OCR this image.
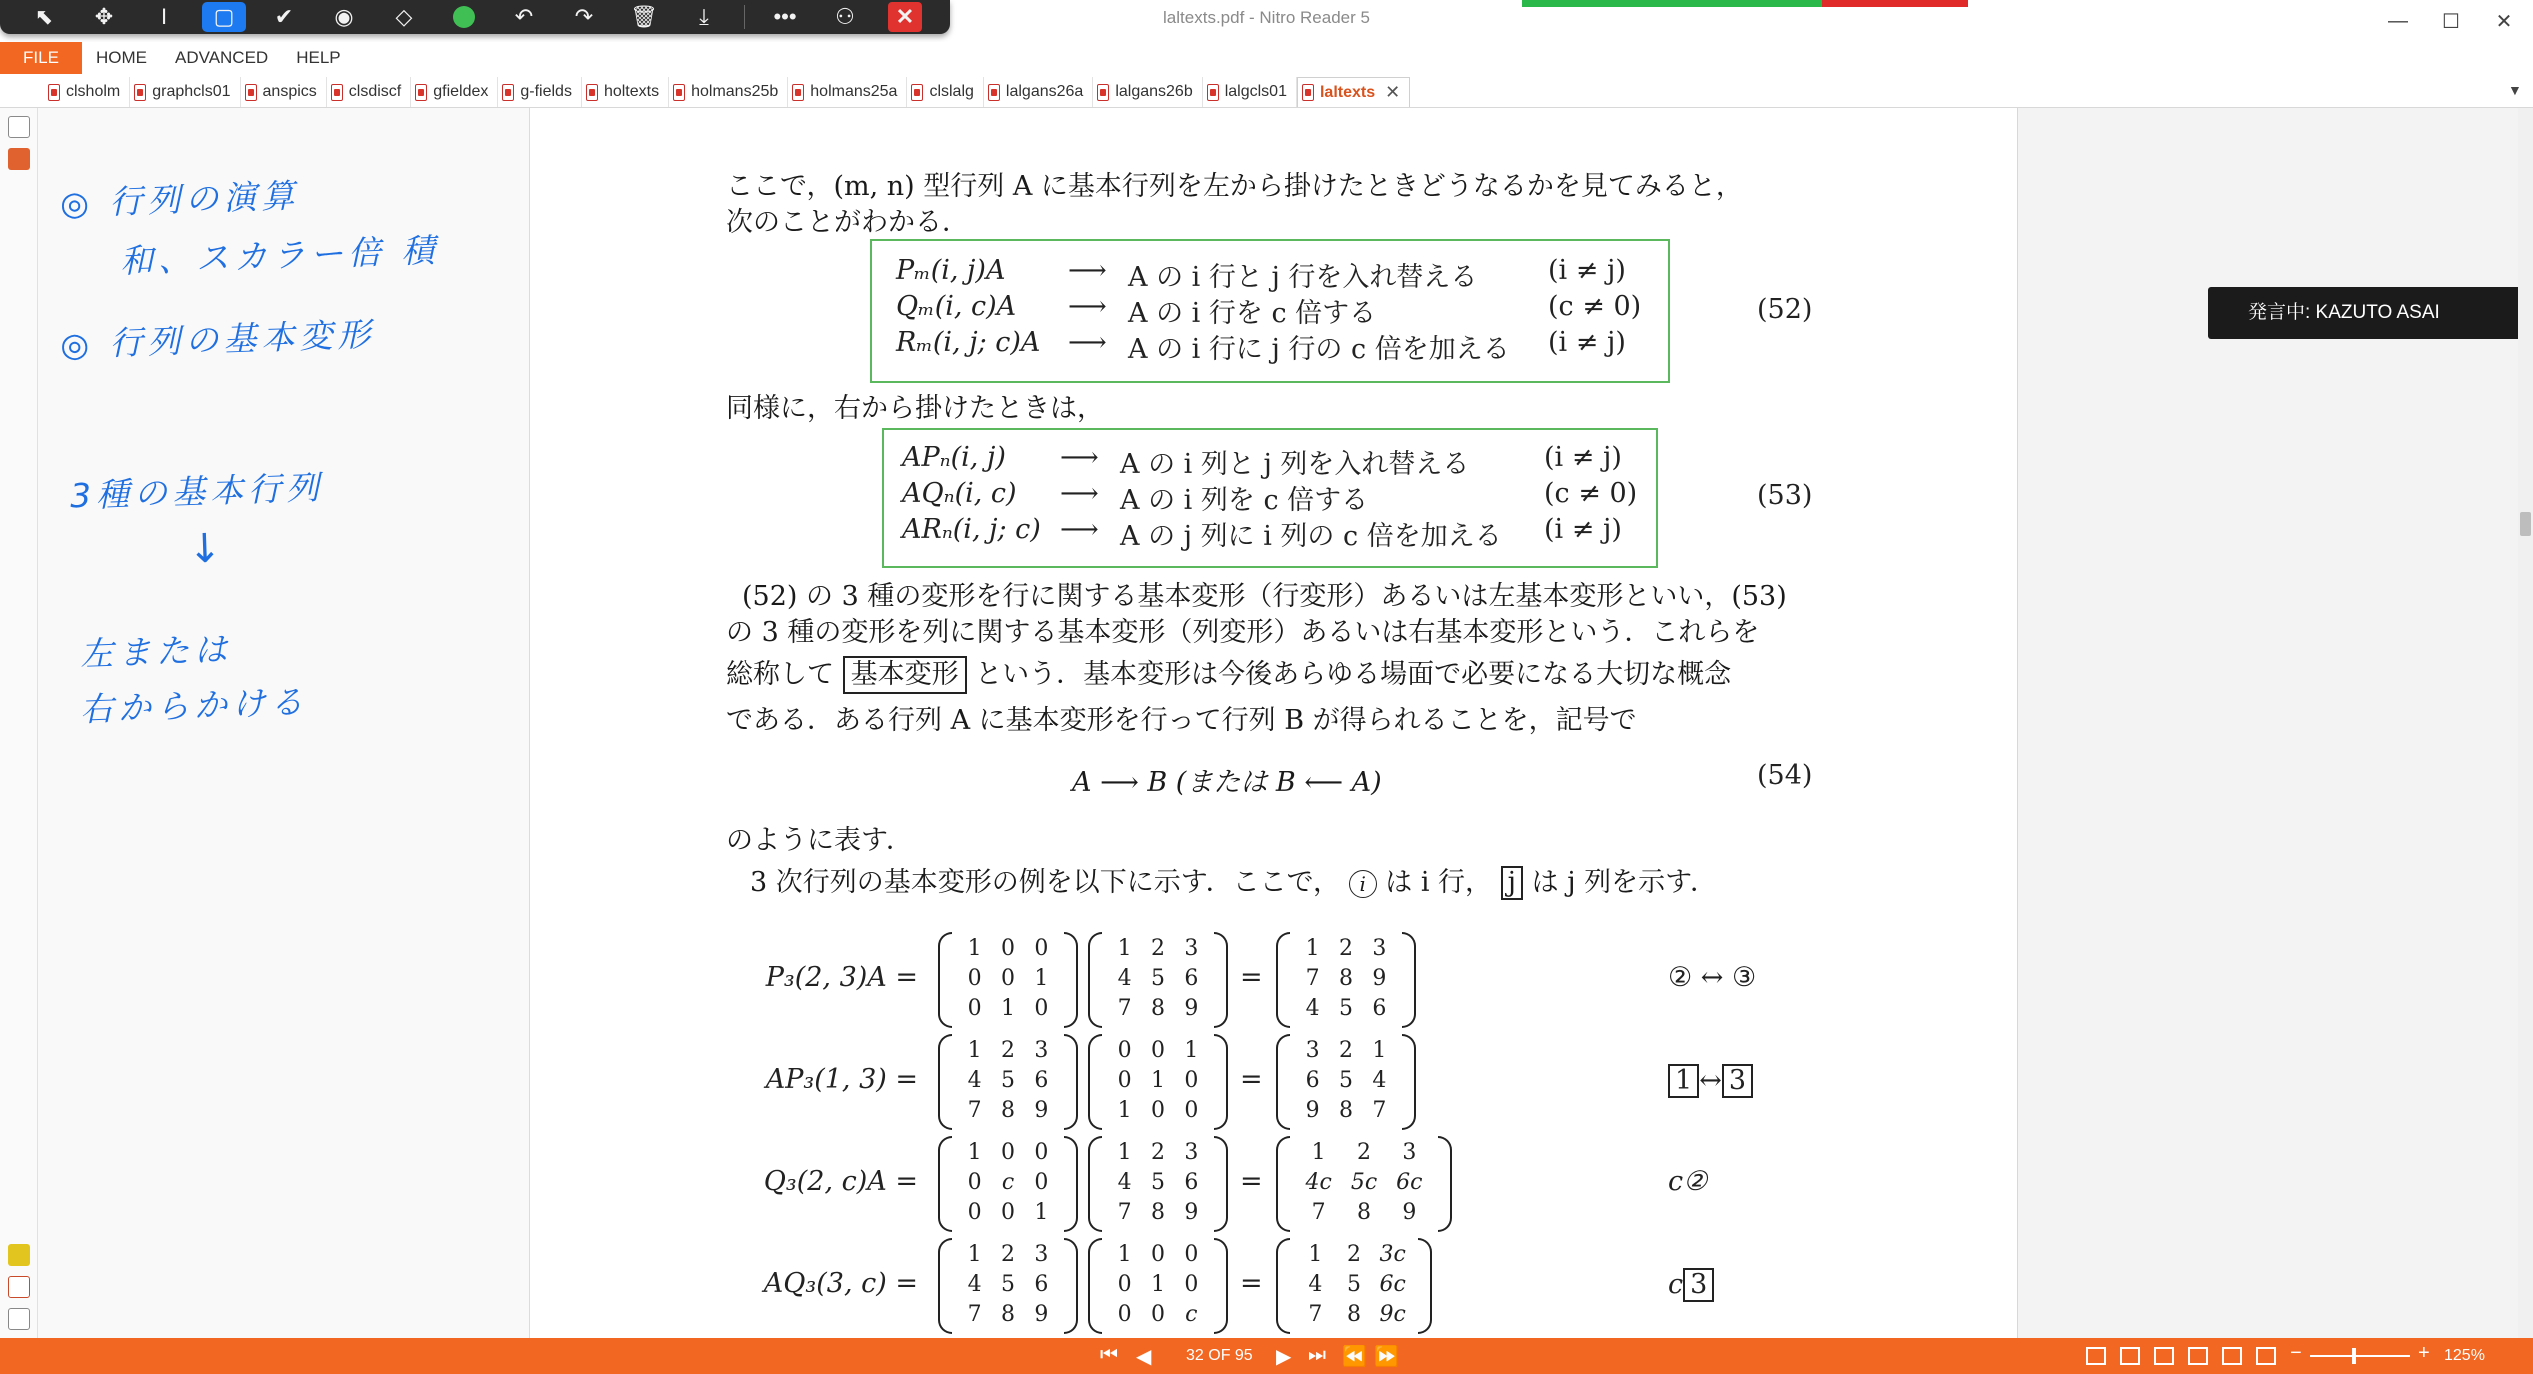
laltexts.pdf - Nitro Reader 5	—	☐	✕
⬉	✥	I	▢	✔	◉	◇	↶	↷	🗑	⤓	•••	⚇	✕
FILE	HOME	ADVANCED	HELP
clsholm graphcls01 anspics clsdiscf gfieldex g-fields holtexts holmans25b holmans25a clslalg lalgans26a lalgans26b lalgcls01 laltexts ✕	▼
◎ 行列の演算
和、スカラー倍 積
◎ 行列の基本変形
3種の基本行列
↓
左または
右からかける
ここで，(m, n) 型行列 A に基本行列を左から掛けたときどうなるかを見てみると，
次のことがわかる．
Pₘ(i, j)A ⟶ A の i 行と j 行を入れ替える	(i ≠ j)
Qₘ(i, c)A ⟶ A の i 行を c 倍する	(c ≠ 0)
Rₘ(i, j; c)A ⟶ A の i 行に j 行の c 倍を加える (i ≠ j)
(52)
同様に，右から掛けたときは，
APₙ(i, j) ⟶ A の i 列と j 列を入れ替える	(i ≠ j)
AQₙ(i, c) ⟶ A の i 列を c 倍する	(c ≠ 0)
ARₙ(i, j; c) ⟶ A の j 列に i 列の c 倍を加える (i ≠ j)
(53)
(52) の 3 種の変形を行に関する基本変形（行変形）あるいは左基本変形といい，(53)
の 3 種の変形を列に関する基本変形（列変形）あるいは右基本変形という．これらを
総称して 基本変形 という．基本変形は今後あらゆる場面で必要になる大切な概念
である．ある行列 A に基本変形を行って行列 B が得られることを，記号で
A ⟶ B (または B ⟵ A)	(54)
のように表す．
3 次行列の基本変形の例を以下に示す．ここで， i は i 行， j は j 列を示す．
P₃(2, 3)A =
1 0 0
0 0 1
0 1 0
1 2 3
4 5 6
7 8 9
=
1 2 3
7 8 9
4 5 6
② ↔ ③
AP₃(1, 3) =
1 2 3
4 5 6
7 8 9
0 0 1
0 1 0
1 0 0
=
3 2 1
6 5 4
9 8 7
1 ↔ 3
Q₃(2, c)A =
1 0 0
0 c 0
0 0 1
1 2 3
4 5 6
7 8 9
=
1	2	3
4c 5c 6c
7	8	9
c②
AQ₃(3, c) =
1 2 3
4 5 6
7 8 9
1 0 0
0 1 0
0 0 c
=
1	2 3c
4	5 6c
7	8 9c
c 3
発言中: KAZUTO ASAI
⏮ ◀ 32 OF 95 ▶ ⏭ ⏪ ⏩	−	+ 125%
